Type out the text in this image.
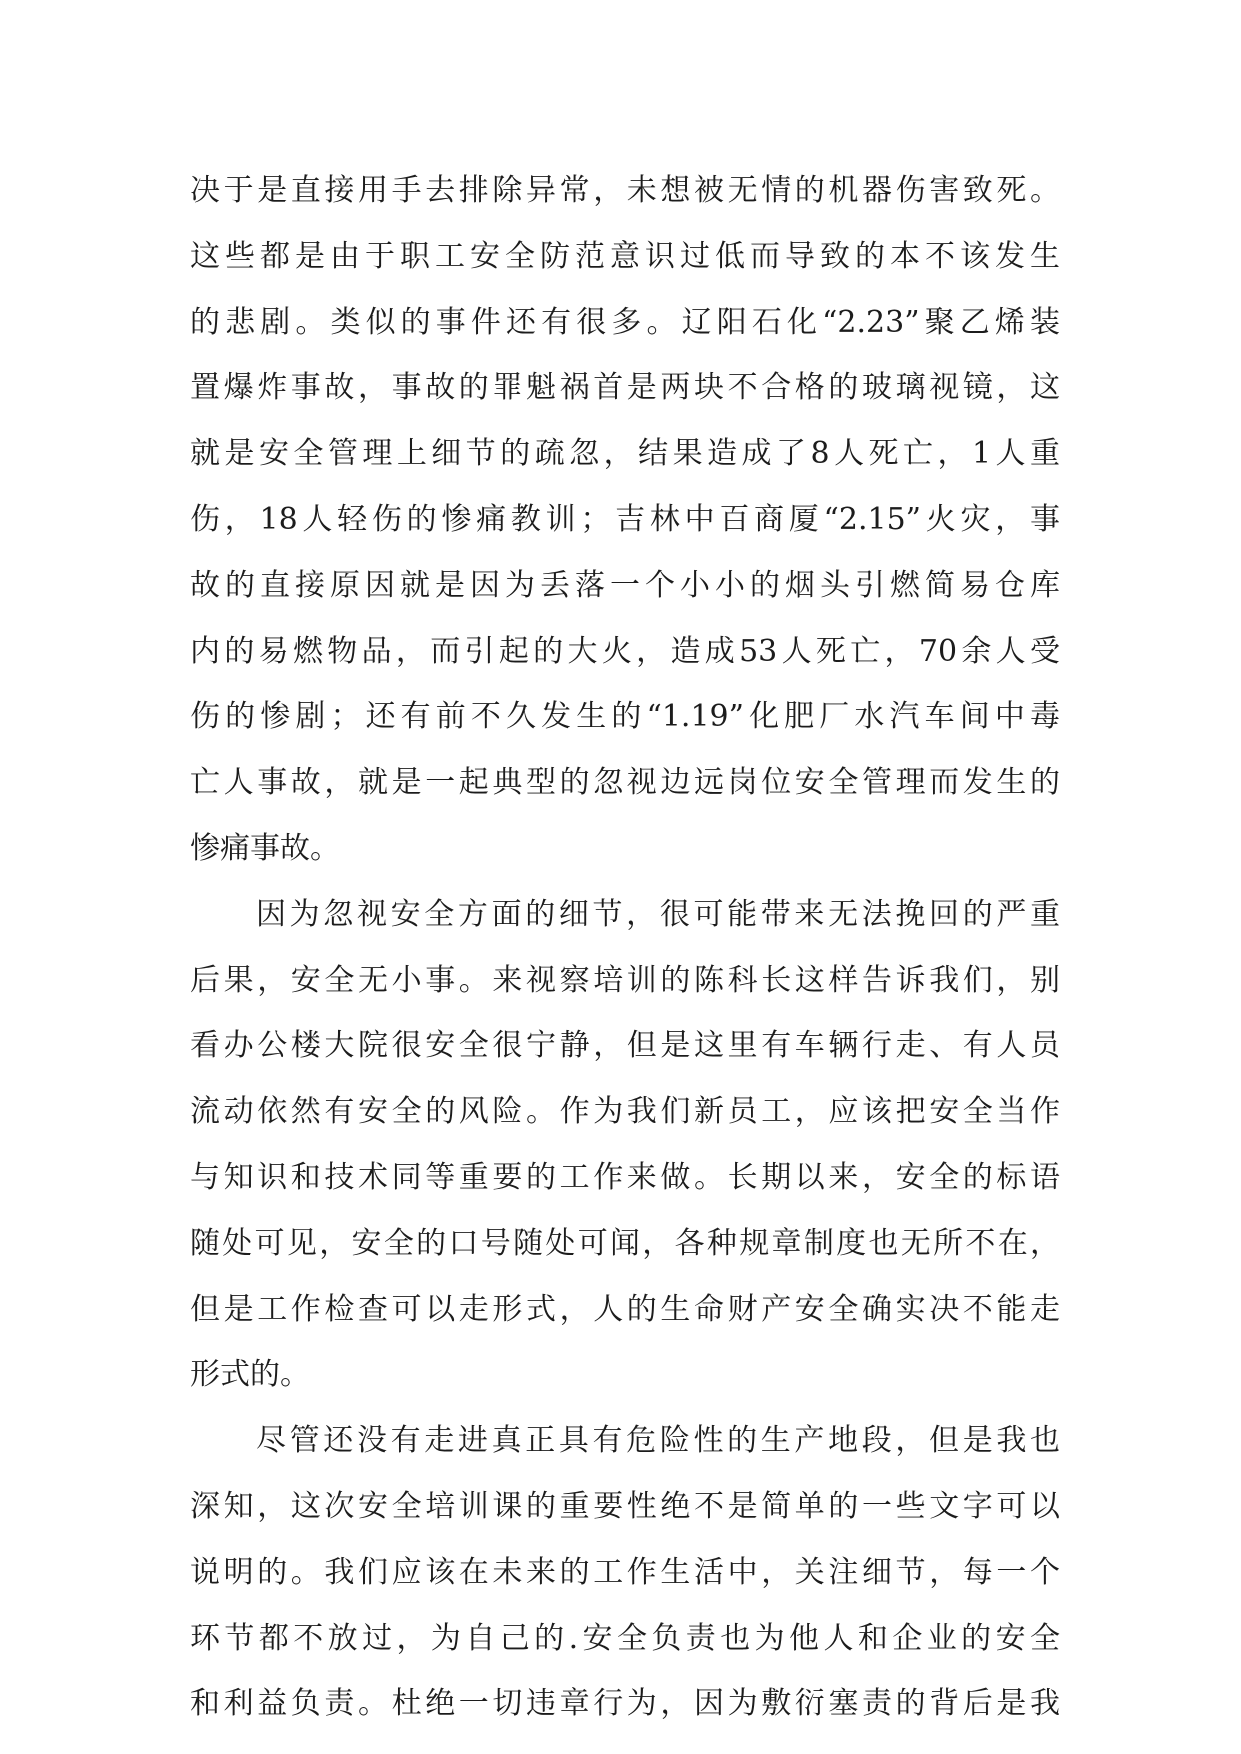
决于是直接用手去排除异常，未想被无情的机器伤害致死。
这些都是由于职工安全防范意识过低而导致的本不该发生
的悲剧。类似的事件还有很多。辽阳石化“2.23”聚乙烯装
置爆炸事故，事故的罪魁祸首是两块不合格的玻璃视镜，这
就是安全管理上细节的疏忽，结果造成了8人死亡，1人重
伤，18人轻伤的惨痛教训；吉林中百商厦“2.15”火灾，事
故的直接原因就是因为丢落一个小小的烟头引燃简易仓库
内的易燃物品，而引起的大火，造成53人死亡，70余人受
伤的惨剧；还有前不久发生的“1.19”化肥厂水汽车间中毒
亡人事故，就是一起典型的忽视边远岗位安全管理而发生的
惨痛事故。
因为忽视安全方面的细节，很可能带来无法挽回的严重
后果，安全无小事。来视察培训的陈科长这样告诉我们，别
看办公楼大院很安全很宁静，但是这里有车辆行走、有人员
流动依然有安全的风险。作为我们新员工，应该把安全当作
与知识和技术同等重要的工作来做。长期以来，安全的标语
随处可见，安全的口号随处可闻，各种规章制度也无所不在，
但是工作检查可以走形式，人的生命财产安全确实决不能走
形式的。
尽管还没有走进真正具有危险性的生产地段，但是我也
深知，这次安全培训课的重要性绝不是简单的一些文字可以
说明的。我们应该在未来的工作生活中，关注细节，每一个
环节都不放过，为自己的.安全负责也为他人和企业的安全
和利益负责。杜绝一切违章行为，因为敷衍塞责的背后是我
